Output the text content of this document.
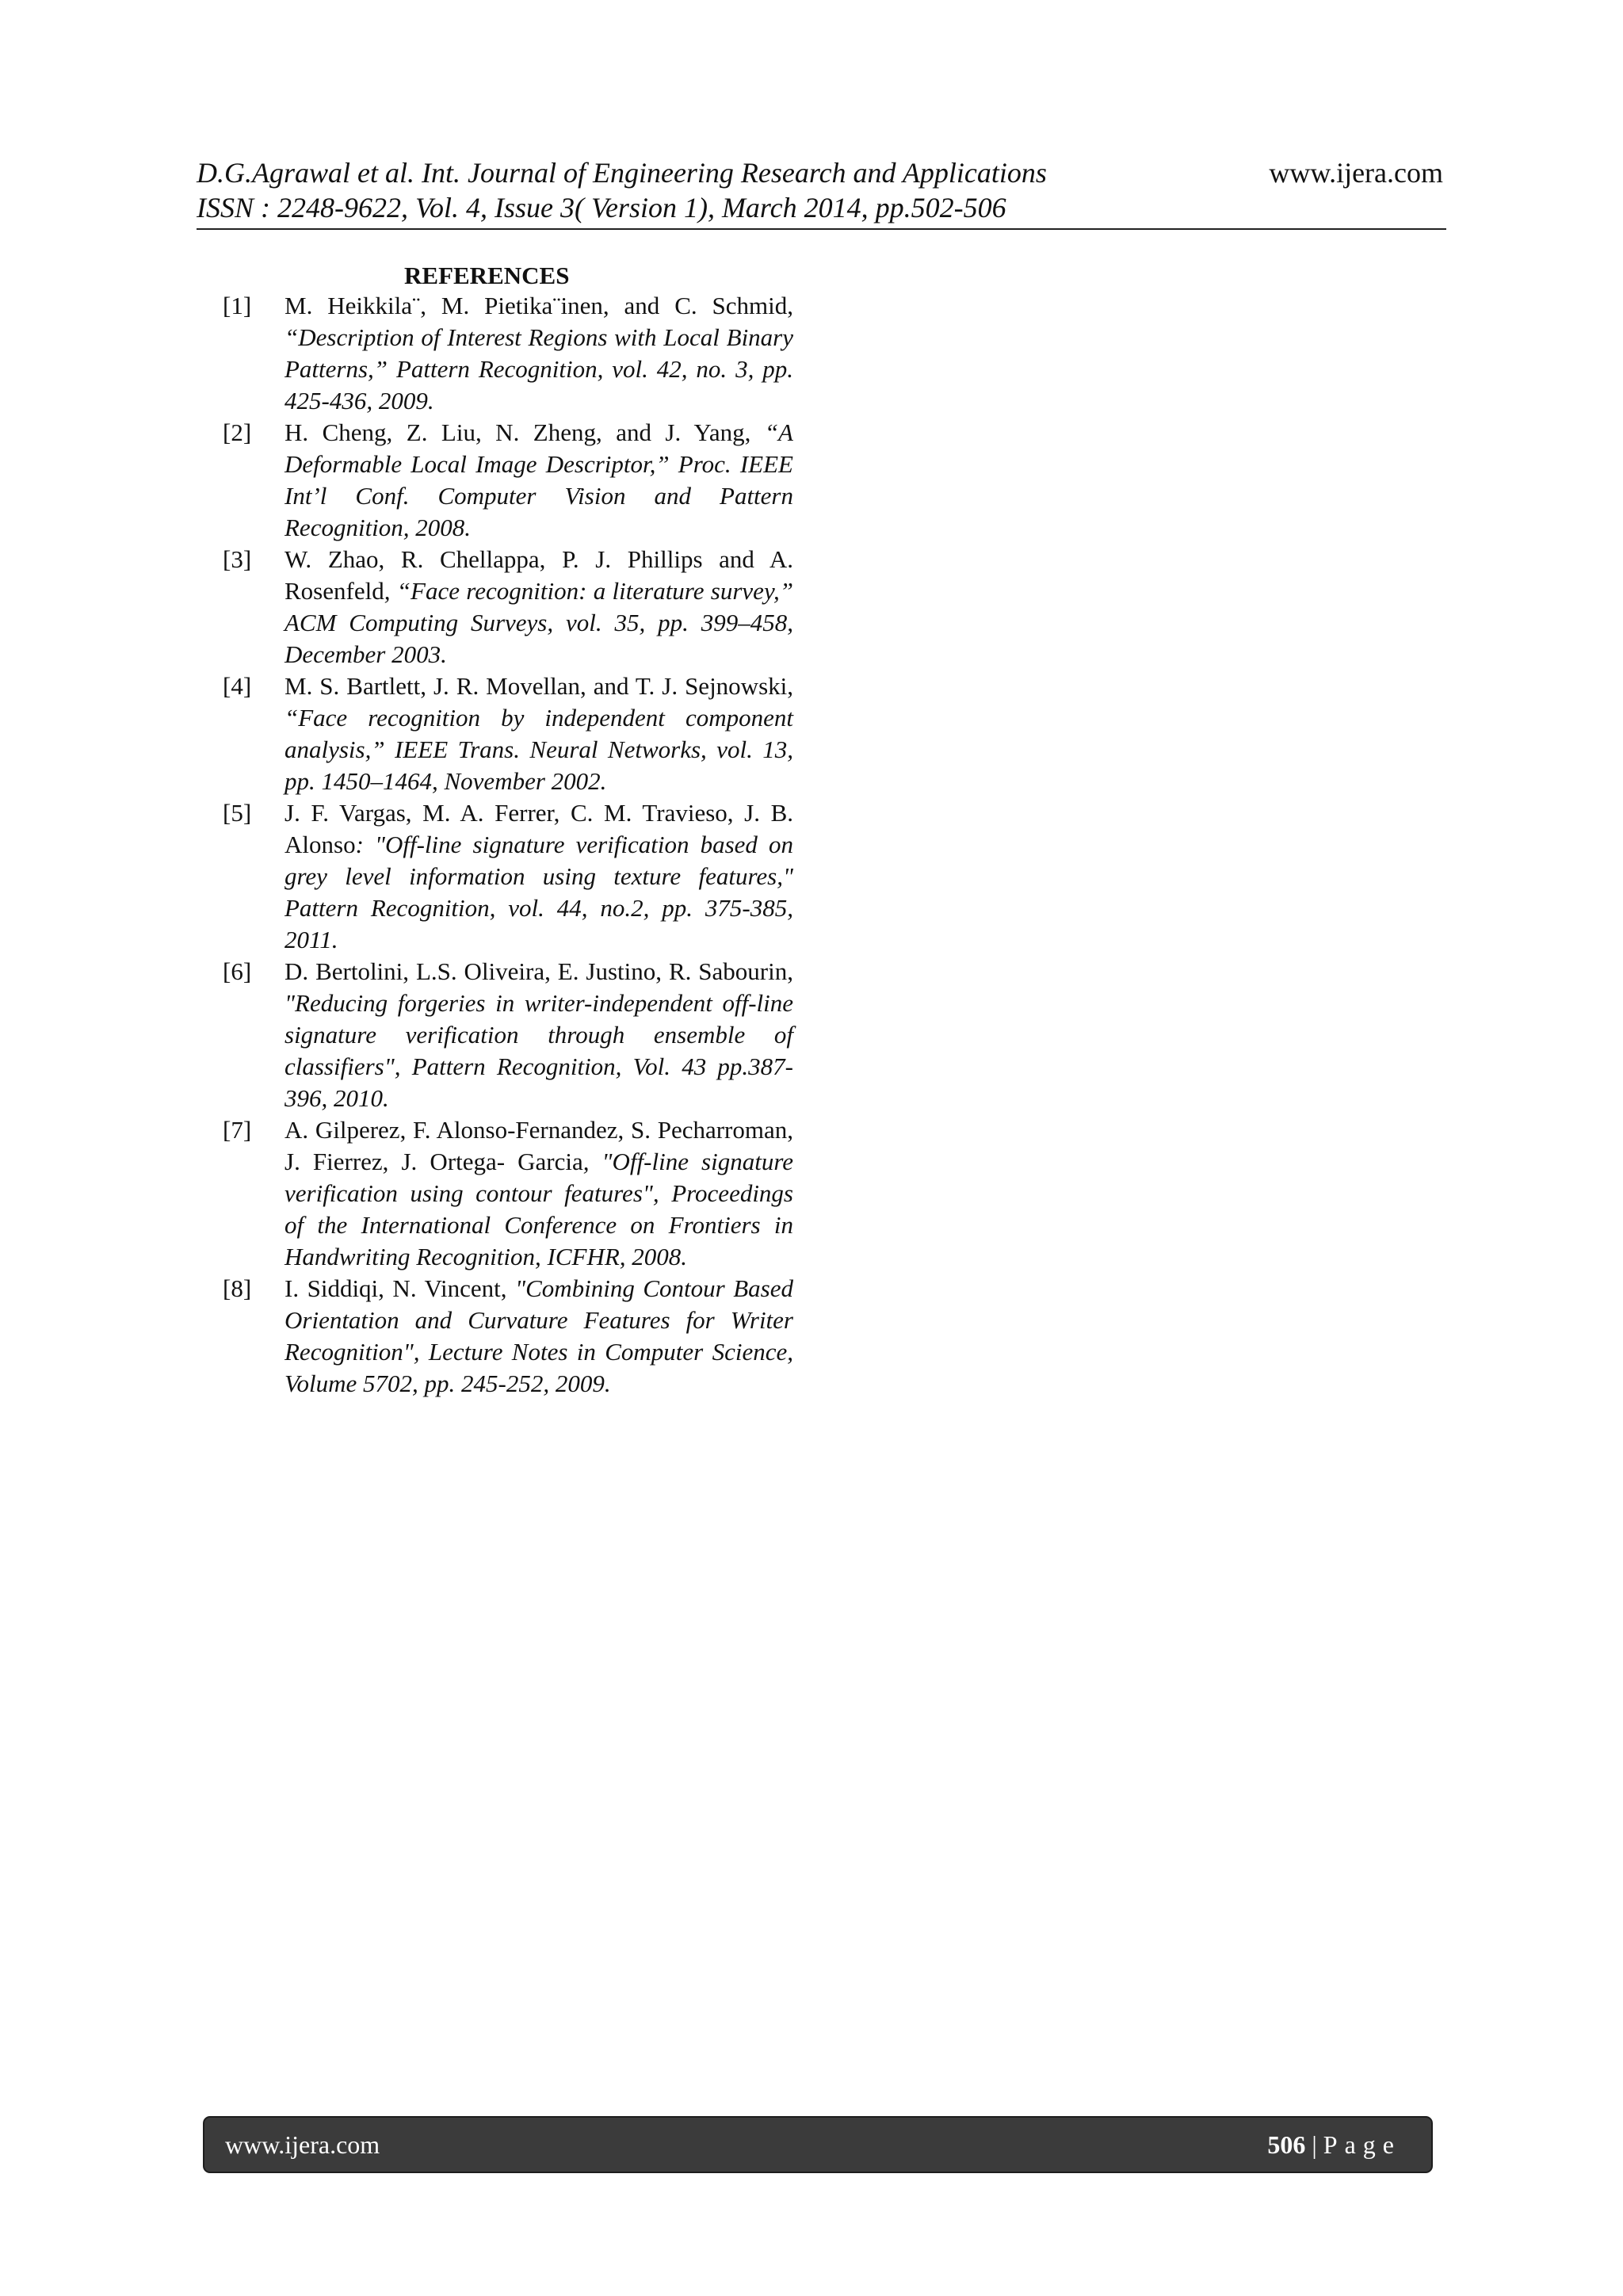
D.G.Agrawal et al. Int. Journal of Engineering Research and Applications
ISSN : 2248-9622, Vol. 4, Issue 3( Version 1), March 2014, pp.502-506
www.ijera.com
REFERENCES
[1] M. Heikkila¨, M. Pietika¨inen, and C. Schmid, “Description of Interest Regions with Local Binary Patterns,” Pattern Recognition, vol. 42, no. 3, pp. 425-436, 2009.
[2] H. Cheng, Z. Liu, N. Zheng, and J. Yang, “A Deformable Local Image Descriptor,” Proc. IEEE Int’l Conf. Computer Vision and Pattern Recognition, 2008.
[3] W. Zhao, R. Chellappa, P. J. Phillips and A. Rosenfeld, “Face recognition: a literature survey,” ACM Computing Surveys, vol. 35, pp. 399–458, December 2003.
[4] M. S. Bartlett, J. R. Movellan, and T. J. Sejnowski, “Face recognition by independent component analysis,” IEEE Trans. Neural Networks, vol. 13, pp. 1450–1464, November 2002.
[5] J. F. Vargas, M. A. Ferrer, C. M. Travieso, J. B. Alonso: "Off-line signature verification based on grey level information using texture features," Pattern Recognition, vol. 44, no.2, pp. 375-385, 2011.
[6] D. Bertolini, L.S. Oliveira, E. Justino, R. Sabourin, "Reducing forgeries in writer-independent off-line signature verification through ensemble of classifiers", Pattern Recognition, Vol. 43 pp.387-396, 2010.
[7] A. Gilperez, F. Alonso-Fernandez, S. Pecharroman, J. Fierrez, J. Ortega- Garcia, "Off-line signature verification using contour features", Proceedings of the International Conference on Frontiers in Handwriting Recognition, ICFHR, 2008.
[8] I. Siddiqi, N. Vincent, "Combining Contour Based Orientation and Curvature Features for Writer Recognition", Lecture Notes in Computer Science, Volume 5702, pp. 245-252, 2009.
www.ijera.com	506 | Page
